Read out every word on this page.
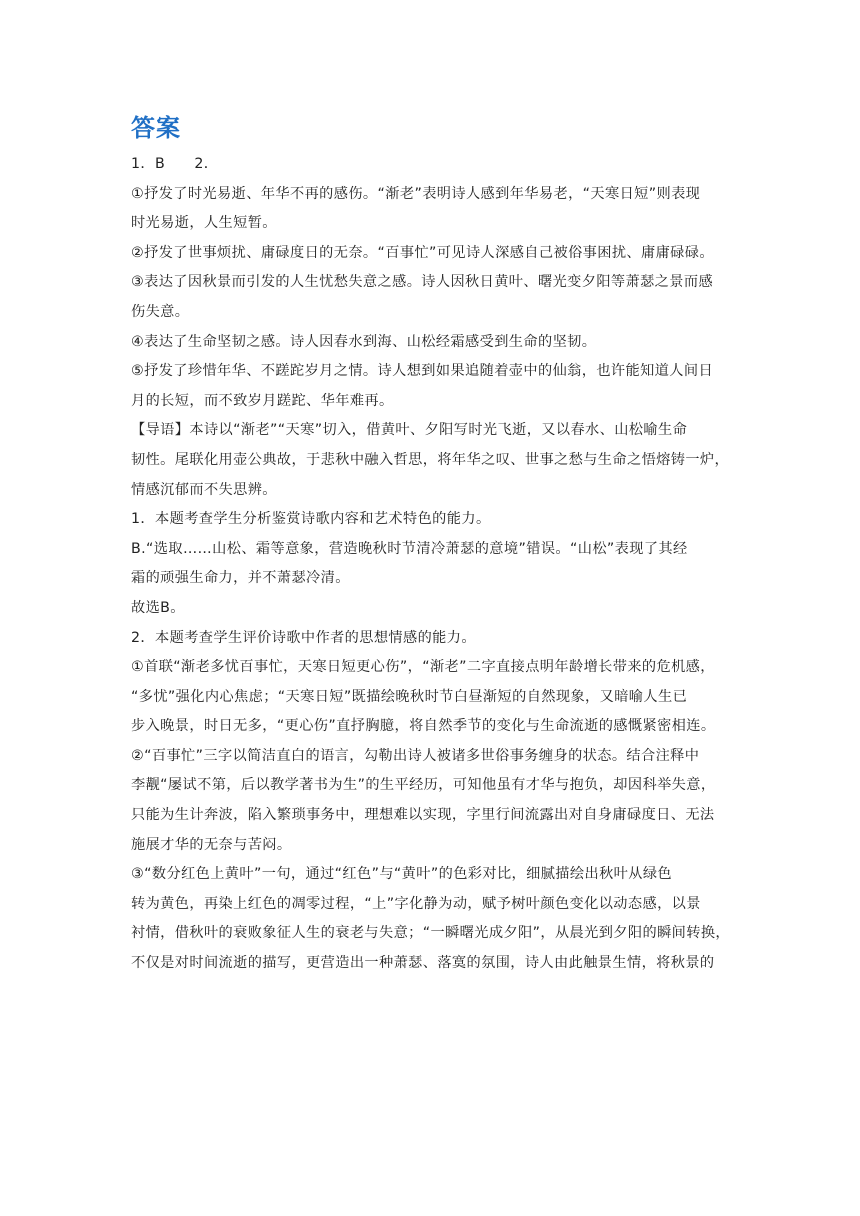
答案
1．B　　2．
①抒发了时光易逝、年华不再的感伤。“渐老”表明诗人感到年华易老，“天寒日短”则表现
时光易逝，人生短暂。
②抒发了世事烦扰、庸碌度日的无奈。“百事忙”可见诗人深感自己被俗事困扰、庸庸碌碌。
③表达了因秋景而引发的人生忧愁失意之感。诗人因秋日黄叶、曙光变夕阳等萧瑟之景而感
伤失意。
④表达了生命坚韧之感。诗人因春水到海、山松经霜感受到生命的坚韧。
⑤抒发了珍惜年华、不蹉跎岁月之情。诗人想到如果追随着壶中的仙翁，也许能知道人间日
月的长短，而不致岁月蹉跎、华年难再。
【导语】本诗以“渐老”“天寒”切入，借黄叶、夕阳写时光飞逝，又以春水、山松喻生命
韧性。尾联化用壶公典故，于悲秋中融入哲思，将年华之叹、世事之愁与生命之悟熔铸一炉，
情感沉郁而不失思辨。
1．本题考查学生分析鉴赏诗歌内容和艺术特色的能力。
B.“选取……山松、霜等意象，营造晚秋时节清冷萧瑟的意境”错误。“山松”表现了其经
霜的顽强生命力，并不萧瑟冷清。
故选B。
2．本题考查学生评价诗歌中作者的思想情感的能力。
①首联“渐老多忧百事忙，天寒日短更心伤”，“渐老”二字直接点明年龄增长带来的危机感，
“多忧”强化内心焦虑；“天寒日短”既描绘晚秋时节白昼渐短的自然现象，又暗喻人生已
步入晚景，时日无多，“更心伤”直抒胸臆，将自然季节的变化与生命流逝的感慨紧密相连。
②“百事忙”三字以简洁直白的语言，勾勒出诗人被诸多世俗事务缠身的状态。结合注释中
李觏“屡试不第，后以教学著书为生”的生平经历，可知他虽有才华与抱负，却因科举失意，
只能为生计奔波，陷入繁琐事务中，理想难以实现，字里行间流露出对自身庸碌度日、无法
施展才华的无奈与苦闷。
③“数分红色上黄叶”一句，通过“红色”与“黄叶”的色彩对比，细腻描绘出秋叶从绿色
转为黄色，再染上红色的凋零过程，“上”字化静为动，赋予树叶颜色变化以动态感，以景
衬情，借秋叶的衰败象征人生的衰老与失意；“一瞬曙光成夕阳”，从晨光到夕阳的瞬间转换，
不仅是对时间流逝的描写，更营造出一种萧瑟、落寞的氛围，诗人由此触景生情，将秋景的
